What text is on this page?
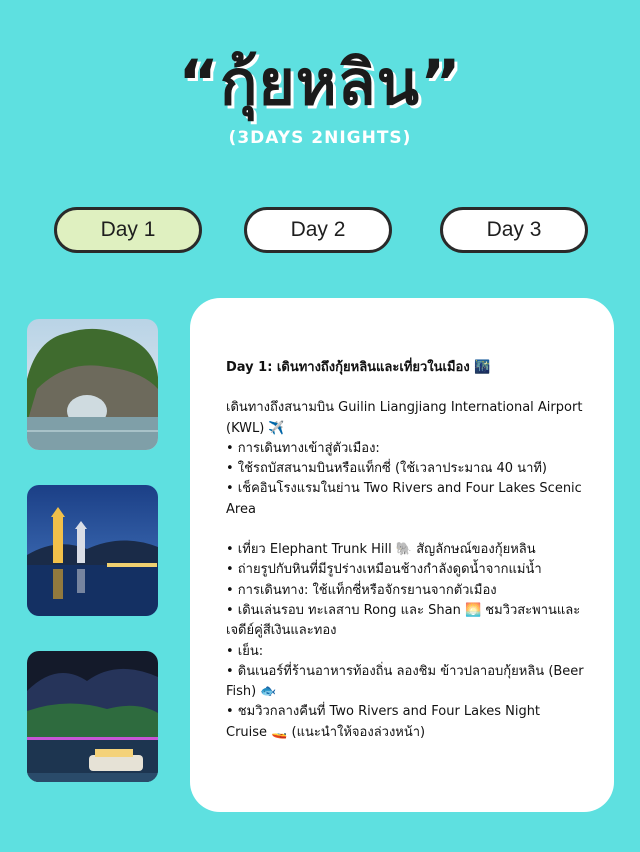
“กุ้ยหลิน”
(3DAYS 2NIGHTS)
Day 1	Day 2	Day 3
Day 1: เดินทางถึงกุ้ยหลินและเที่ยวในเมือง 🌃

เดินทางถึงสนามบิน Guilin Liangjiang International Airport (KWL) ✈️

• การเดินทางเข้าสู่ตัวเมือง:

• ใช้รถบัสสนามบินหรือแท็กซี่ (ใช้เวลาประมาณ 40 นาที)

• เช็คอินโรงแรมในย่าน Two Rivers and Four Lakes Scenic Area

• เที่ยว Elephant Trunk Hill 🐘 สัญลักษณ์ของกุ้ยหลิน

• ถ่ายรูปกับหินที่มีรูปร่างเหมือนช้างกำลังดูดน้ำจากแม่น้ำ

• การเดินทาง: ใช้แท็กซี่หรือจักรยานจากตัวเมือง

• เดินเล่นรอบ ทะเลสาบ Rong และ Shan 🌅 ชมวิวสะพานและเจดีย์คู่สีเงินและทอง

• เย็น:

• ดินเนอร์ที่ร้านอาหารท้องถิ่น ลองชิม ข้าวปลาอบกุ้ยหลิน (Beer Fish) 🐟

• ชมวิวกลางคืนที่ Two Rivers and Four Lakes Night Cruise 🚤 (แนะนำให้จองล่วงหน้า)
